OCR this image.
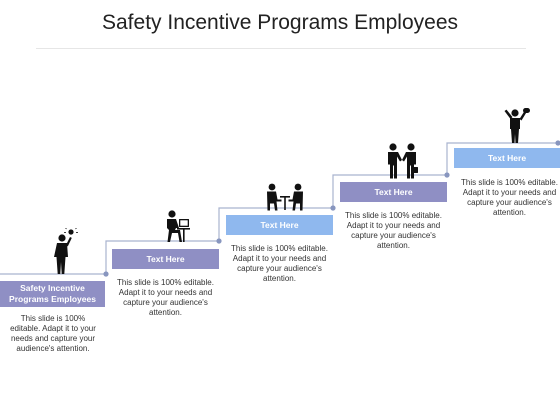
Safety Incentive Programs Employees
Safety Incentive Programs Employees
This slide is 100% editable. Adapt it to your needs and capture your audience's attention.
Text Here
This slide is 100% editable. Adapt it to your needs and capture your audience's attention.
Text Here
This slide is 100% editable. Adapt it to your needs and capture your audience's attention.
Text Here
This slide is 100% editable. Adapt it to your needs and capture your audience's attention.
Text Here
This slide is 100% editable. Adapt it to your needs and capture your audience's attention.
